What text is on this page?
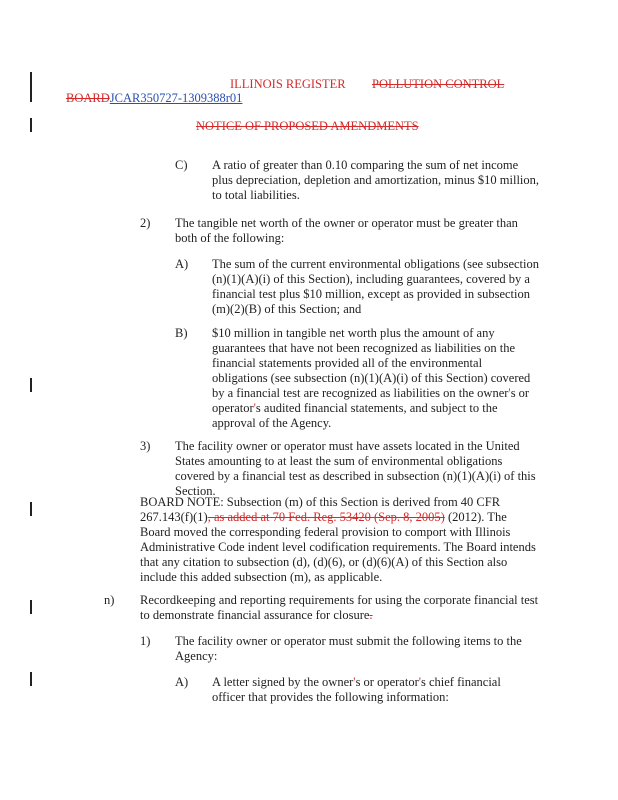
ILLINOIS REGISTER POLLUTION CONTROL
BOARDJCAR350727-1309388r01
NOTICE OF PROPOSED AMENDMENTS
C) A ratio of greater than 0.10 comparing the sum of net income plus depreciation, depletion and amortization, minus $10 million, to total liabilities.
2) The tangible net worth of the owner or operator must be greater than both of the following:
A) The sum of the current environmental obligations (see subsection (n)(1)(A)(i) of this Section), including guarantees, covered by a financial test plus $10 million, except as provided in subsection (m)(2)(B) of this Section; and
B) $10 million in tangible net worth plus the amount of any guarantees that have not been recognized as liabilities on the financial statements provided all of the environmental obligations (see subsection (n)(1)(A)(i) of this Section) covered by a financial test are recognized as liabilities on the owner's or operator's audited financial statements, and subject to the approval of the Agency.
3) The facility owner or operator must have assets located in the United States amounting to at least the sum of environmental obligations covered by a financial test as described in subsection (n)(1)(A)(i) of this Section.
BOARD NOTE: Subsection (m) of this Section is derived from 40 CFR 267.143(f)(1), as added at 70 Fed. Reg. 53420 (Sep. 8, 2005) (2012). The Board moved the corresponding federal provision to comport with Illinois Administrative Code indent level codification requirements. The Board intends that any citation to subsection (d), (d)(6), or (d)(6)(A) of this Section also include this added subsection (m), as applicable.
n) Recordkeeping and reporting requirements for using the corporate financial test to demonstrate financial assurance for closure.
1) The facility owner or operator must submit the following items to the Agency:
A) A letter signed by the owner's or operator's chief financial officer that provides the following information:
